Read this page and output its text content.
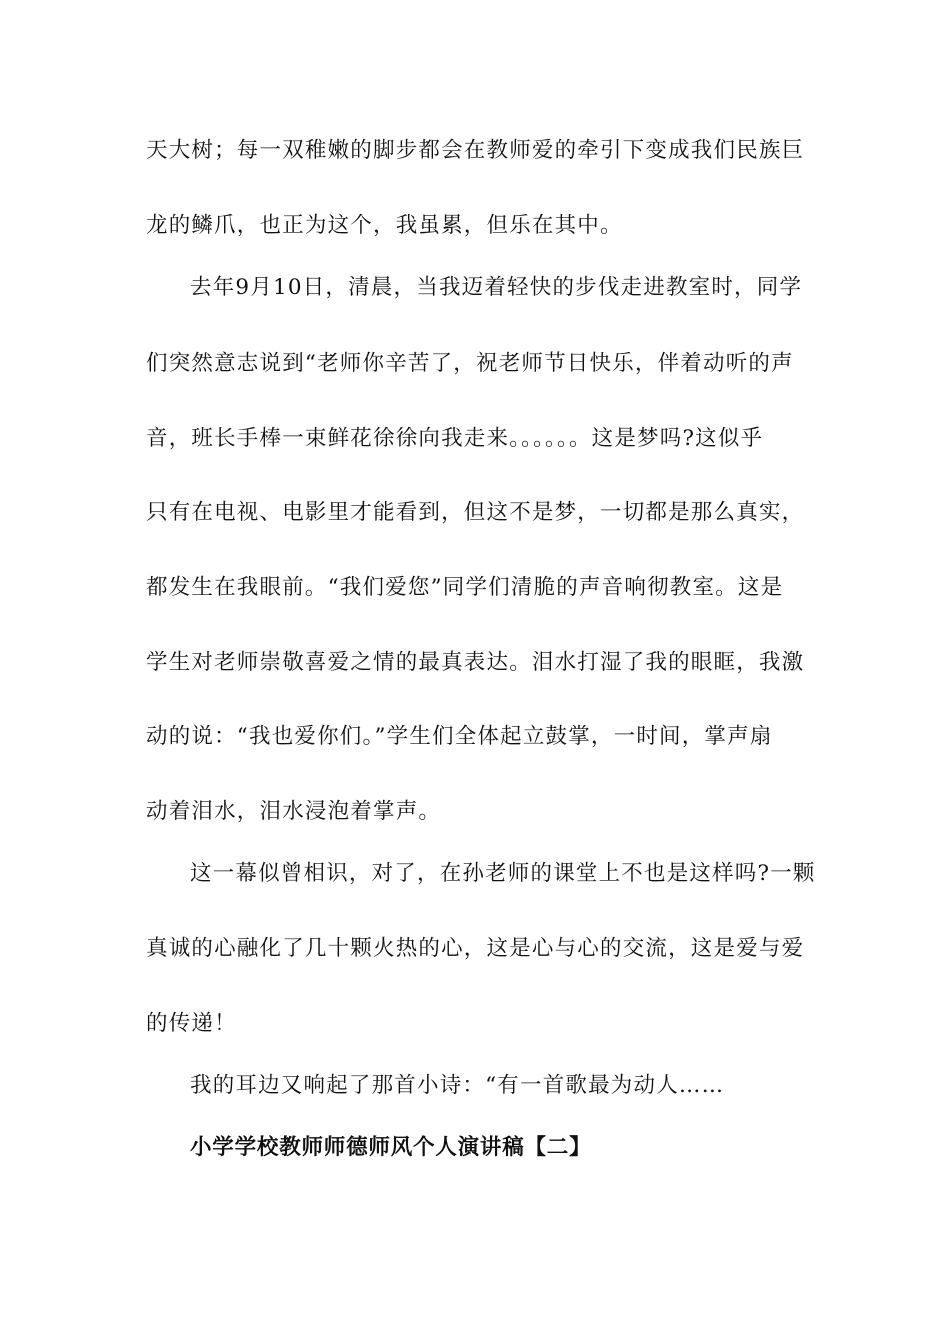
天大树；每一双稚嫩的脚步都会在教师爱的牵引下变成我们民族巨
龙的鳞爪，也正为这个，我虽累，但乐在其中。
去年9月10日，清晨，当我迈着轻快的步伐走进教室时，同学
们突然意志说到“老师你辛苦了，祝老师节日快乐，伴着动听的声
音，班长手棒一束鲜花徐徐向我走来。。。。。。这是梦吗?这似乎
只有在电视、电影里才能看到，但这不是梦，一切都是那么真实，
都发生在我眼前。“我们爱您”同学们清脆的声音响彻教室。这是
学生对老师崇敬喜爱之情的最真表达。泪水打湿了我的眼眶，我激
动的说：“我也爱你们。”学生们全体起立鼓掌，一时间，掌声扇
动着泪水，泪水浸泡着掌声。
这一幕似曾相识，对了，在孙老师的课堂上不也是这样吗?一颗
真诚的心融化了几十颗火热的心，这是心与心的交流，这是爱与爱
的传递！
我的耳边又响起了那首小诗：“有一首歌最为动人……
小学学校教师师德师风个人演讲稿【二】
